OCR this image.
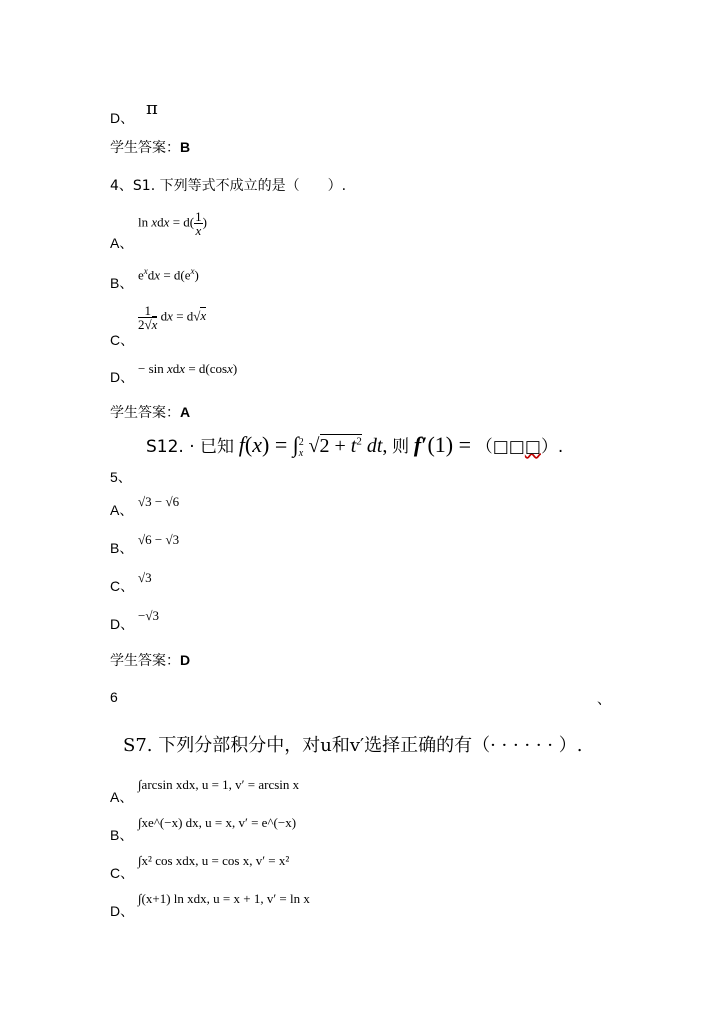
D、 π
学生答案：B
4、S1. 下列等式不成立的是（　　）.
A、
ln xdx = $d( \frac{1}{x}$ )
B、
$e^xdx = d(e^x)$
C、
$\frac{1}{2√x}$ dx = d√x
D、
− sin xdx = d(cosx)
学生答案：A
S12. · 已知 f(x) = ∫ 2
x $√2 + t^2$ dt, 则 f′(1) = （□□□）.
5、
A、
√3 − √6
B、
√6 − √3
C、
√3
D、
−√3
学生答案：D
6	、
S7. 下列分部积分中，对u和v′选择正确的有（· · · · · · ）.
A、
∫arcsin xdx, u = 1, v′ = arcsin x
B、
∫xe^(−x) dx, u = x, v′ = e^(−x)
C、
∫x² cos xdx, u = cos x, v′ = x²
D、
∫(x+1) ln xdx, u = x + 1, v′ = ln x
